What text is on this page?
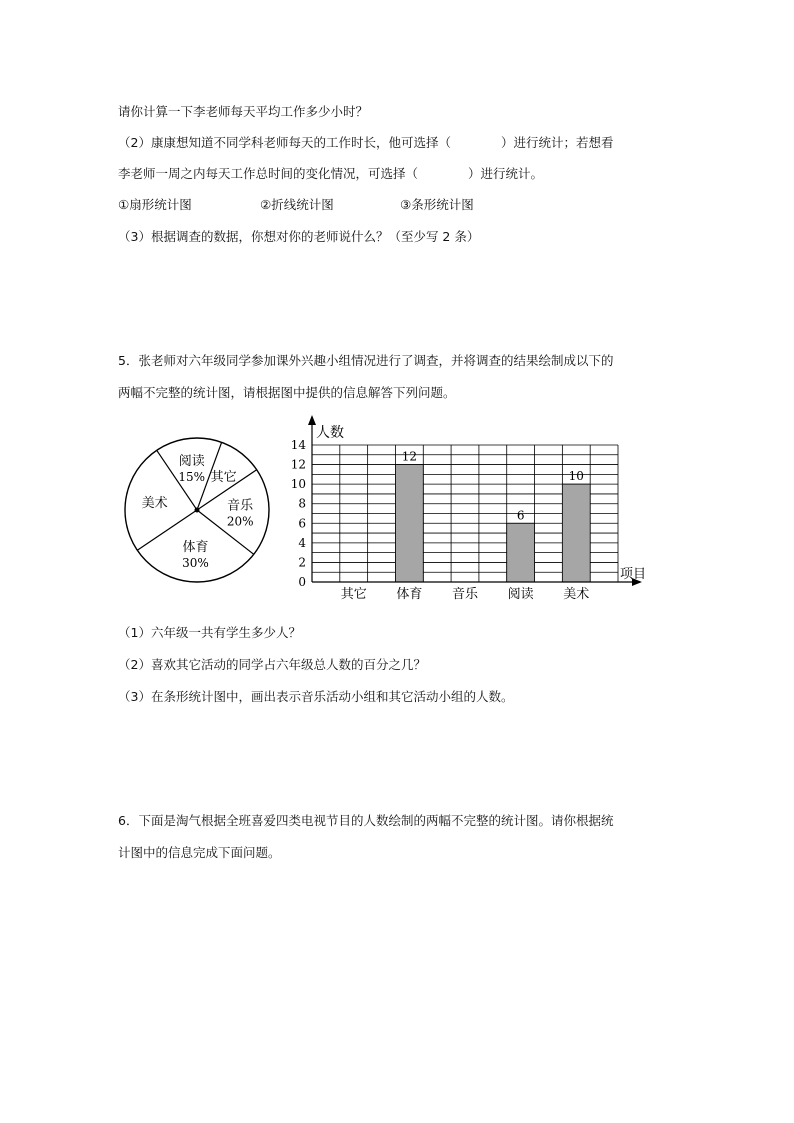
请你计算一下李老师每天平均工作多少小时？
（2）康康想知道不同学科老师每天的工作时长，他可选择（　　　　）进行统计；若想看
李老师一周之内每天工作总时间的变化情况，可选择（　　　　）进行统计。
①扇形统计图	②折线统计图	③条形统计图
（3）根据调查的数据，你想对你的老师说什么？（至少写 2 条）
5．张老师对六年级同学参加课外兴趣小组情况进行了调查，并将调查的结果绘制成以下的
两幅不完整的统计图，请根据图中提供的信息解答下列问题。
阅读
15% 其它
音乐
20%
体育
30%
美术
其它
12
体育 音乐
6
阅读
10
美术
0
2
4
6
8
10
12
14
人数
项目
（1）六年级一共有学生多少人？
（2）喜欢其它活动的同学占六年级总人数的百分之几？
（3）在条形统计图中，画出表示音乐活动小组和其它活动小组的人数。
6．下面是淘气根据全班喜爱四类电视节目的人数绘制的两幅不完整的统计图。请你根据统
计图中的信息完成下面问题。
